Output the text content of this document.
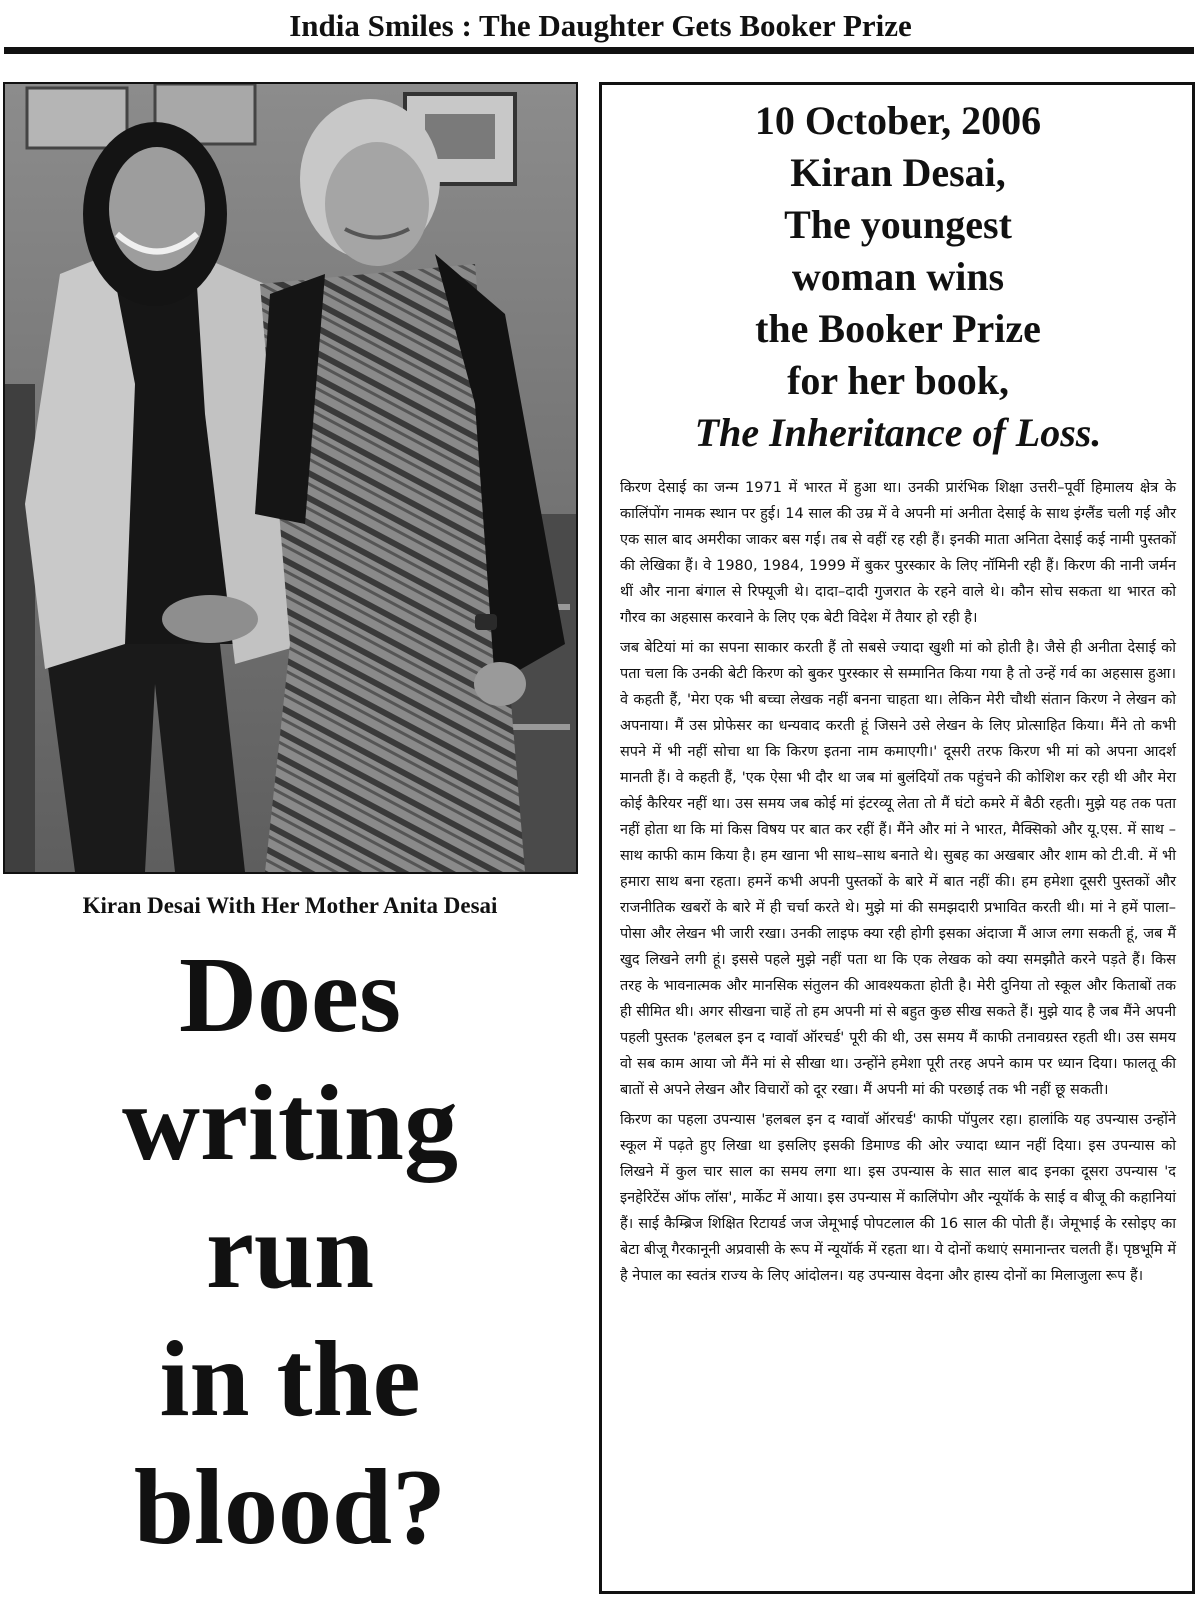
India Smiles : The Daughter Gets Booker Prize
Kiran Desai With Her Mother Anita Desai
Does
writing
run
in the
blood?
10 October, 2006
Kiran Desai,
The youngest
woman wins
the Booker Prize
for her book,
The Inheritance of Loss.

किरण देसाई का जन्म 1971 में भारत में हुआ था। उनकी प्रारंभिक शिक्षा उत्तरी–पूर्वी हिमालय क्षेत्र के कालिंपोंग नामक स्थान पर हुई। 14 साल की उम्र में वे अपनी मां अनीता देसाई के साथ इंग्लैंड चली गई और एक साल बाद अमरीका जाकर बस गई। तब से वहीं रह रही हैं। इनकी माता अनिता देसाई कई नामी पुस्तकों की लेखिका हैं। वे 1980, 1984, 1999 में बुकर पुरस्कार के लिए नॉमिनी रही हैं। किरण की नानी जर्मन थीं और नाना बंगाल से रिफ्यूजी थे। दादा–दादी गुजरात के रहने वाले थे। कौन सोच सकता था भारत को गौरव का अहसास करवाने के लिए एक बेटी विदेश में तैयार हो रही है।

जब बेटियां मां का सपना साकार करती हैं तो सबसे ज्यादा खुशी मां को होती है। जैसे ही अनीता देसाई को पता चला कि उनकी बेटी किरण को बुकर पुरस्कार से सम्मानित किया गया है तो उन्हें गर्व का अहसास हुआ। वे कहती हैं, 'मेरा एक भी बच्चा लेखक नहीं बनना चाहता था। लेकिन मेरी चौथी संतान किरण ने लेखन को अपनाया। मैं उस प्रोफेसर का धन्यवाद करती हूं जिसने उसे लेखन के लिए प्रोत्साहित किया। मैंने तो कभी सपने में भी नहीं सोचा था कि किरण इतना नाम कमाएगी।' दूसरी तरफ किरण भी मां को अपना आदर्श मानती हैं। वे कहती हैं, 'एक ऐसा भी दौर था जब मां बुलंदियों तक पहुंचने की कोशिश कर रही थी और मेरा कोई कैरियर नहीं था। उस समय जब कोई मां इंटरव्यू लेता तो मैं घंटो कमरे में बैठी रहती। मुझे यह तक पता नहीं होता था कि मां किस विषय पर बात कर रहीं हैं। मैंने और मां ने भारत, मैक्सिको और यू.एस. में साथ – साथ काफी काम किया है। हम खाना भी साथ–साथ बनाते थे। सुबह का अखबार और शाम को टी.वी. में भी हमारा साथ बना रहता। हमनें कभी अपनी पुस्तकों के बारे में बात नहीं की। हम हमेशा दूसरी पुस्तकों और राजनीतिक खबरों के बारे में ही चर्चा करते थे। मुझे मां की समझदारी प्रभावित करती थी। मां ने हमें पाला–पोसा और लेखन भी जारी रखा। उनकी लाइफ क्या रही होगी इसका अंदाजा मैं आज लगा सकती हूं, जब मैं खुद लिखने लगी हूं। इससे पहले मुझे नहीं पता था कि एक लेखक को क्या समझौते करने पड़ते हैं। किस तरह के भावनात्मक और मानसिक संतुलन की आवश्यकता होती है। मेरी दुनिया तो स्कूल और किताबों तक ही सीमित थी। अगर सीखना चाहें तो हम अपनी मां से बहुत कुछ सीख सकते हैं। मुझे याद है जब मैंने अपनी पहली पुस्तक 'हलबल इन द ग्वावॉ ऑरचर्ड' पूरी की थी, उस समय मैं काफी तनावग्रस्त रहती थी। उस समय वो सब काम आया जो मैंने मां से सीखा था। उन्होंने हमेशा पूरी तरह अपने काम पर ध्यान दिया। फालतू की बातों से अपने लेखन और विचारों को दूर रखा। मैं अपनी मां की परछाई तक भी नहीं छू सकती।

किरण का पहला उपन्यास 'हलबल इन द ग्वावॉ ऑरचर्ड' काफी पॉपुलर रहा। हालांकि यह उपन्यास उन्होंने स्कूल में पढ़ते हुए लिखा था इसलिए इसकी डिमाण्ड की ओर ज्यादा ध्यान नहीं दिया। इस उपन्यास को लिखने में कुल चार साल का समय लगा था। इस उपन्यास के सात साल बाद इनका दूसरा उपन्यास 'द इनहेरिटेंस ऑफ लॉस', मार्केट में आया। इस उपन्यास में कालिंपोग और न्यूयॉर्क के साई व बीजू की कहानियां हैं। साई कैम्ब्रिज शिक्षित रिटायर्ड जज जेमूभाई पोपटलाल की 16 साल की पोती हैं। जेमूभाई के रसोइए का बेटा बीजू गैरकानूनी अप्रवासी के रूप में न्यूयॉर्क में रहता था। ये दोनों कथाएं समानान्तर चलती हैं। पृष्ठभूमि में है नेपाल का स्वतंत्र राज्य के लिए आंदोलन। यह उपन्यास वेदना और हास्य दोनों का मिलाजुला रूप हैं।
